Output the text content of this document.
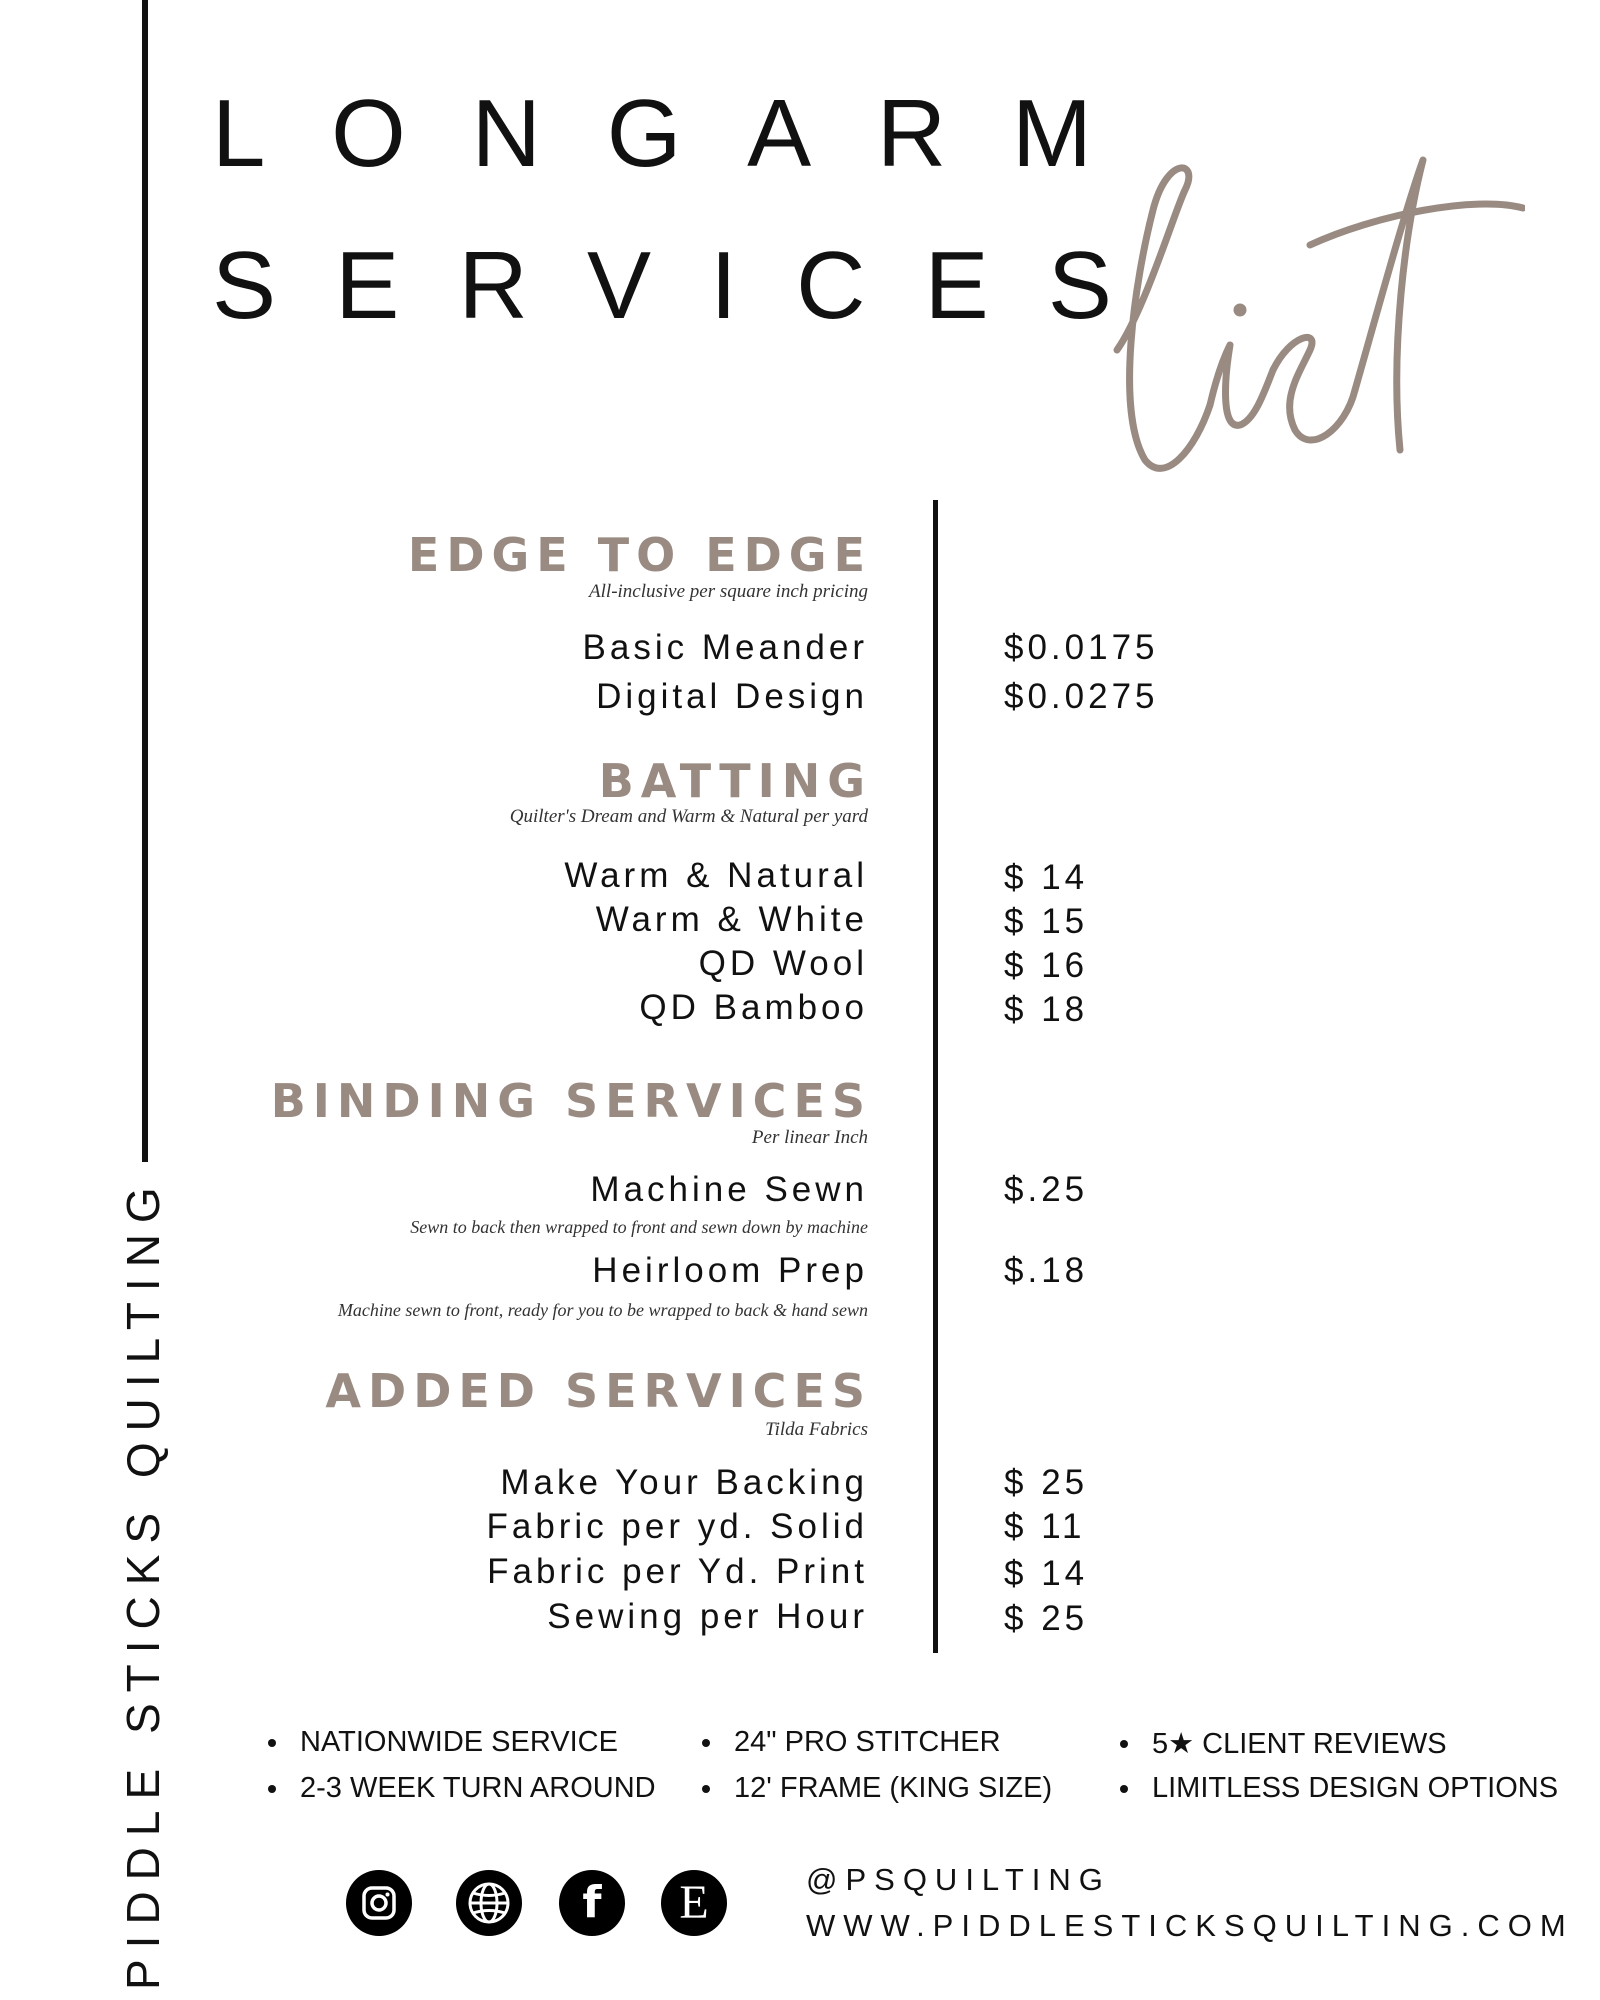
PIDDLE STICKS QUILTING
L O N G A R M
S E R V I C E S
EDGE TO EDGE
All-inclusive per square inch pricing
Basic Meander	$0.0175
Digital Design	$0.0275
BATTING
Quilter's Dream and Warm & Natural per yard
Warm & Natural	$ 14
Warm & White	$ 15
QD Wool	$ 16
QD Bamboo	$ 18
BINDING SERVICES
Per linear Inch
Machine Sewn	$.25
Sewn to back then wrapped to front and sewn down by machine
Heirloom Prep	$.18
Machine sewn to front, ready for you to be wrapped to back & hand sewn
ADDED SERVICES
Tilda Fabrics
Make Your Backing	$ 25
Fabric per yd. Solid	$ 11
Fabric per Yd. Print	$ 14
Sewing per Hour	$ 25
NATIONWIDE SERVICE
2-3 WEEK TURN AROUND
24" PRO STITCHER
12' FRAME (KING SIZE)
5★ CLIENT REVIEWS
LIMITLESS DESIGN OPTIONS
f E	@PSQUILTING
WWW.PIDDLESTICKSQUILTING.COM
